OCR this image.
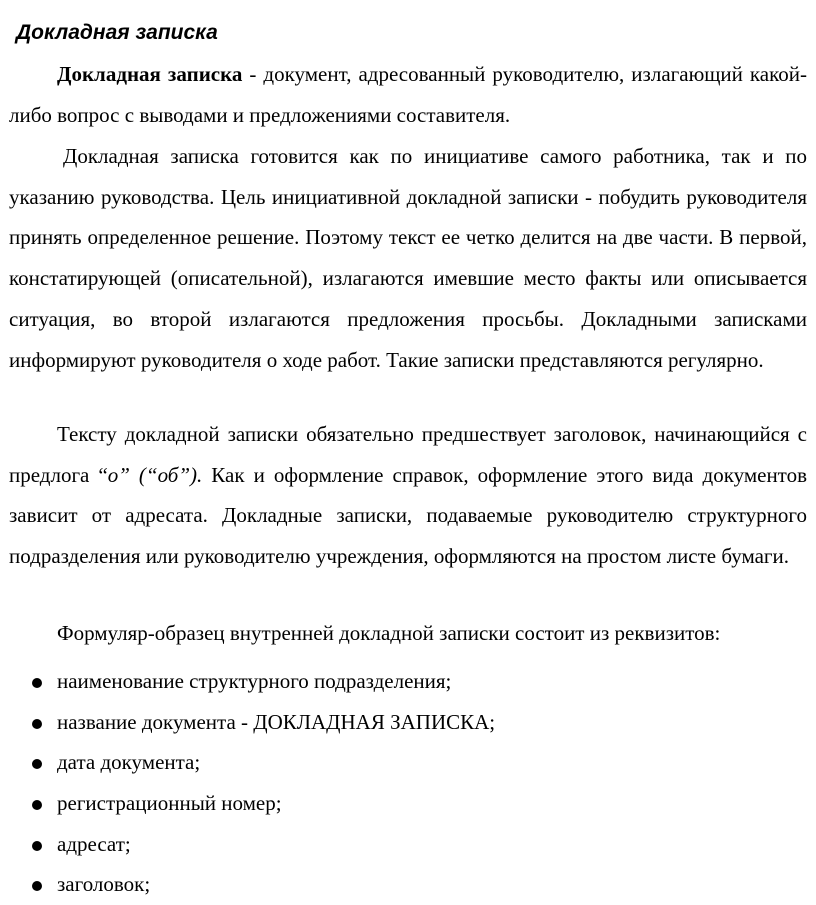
Докладная записка

Докладная записка - документ, адресованный руководителю, излагающий какой-либо вопрос с выводами и предложениями составителя.

Докладная записка готовится как по инициативе самого работника, так и по указанию руководства. Цель инициативной докладной записки - побудить руководителя принять определенное решение. Поэтому текст ее четко делится на две части. В первой, констатирующей (описательной), излагаются имевшие место факты или описывается ситуация, во второй излагаются предложения просьбы. Докладными записками информируют руководителя о ходе работ. Такие записки представляются регулярно.

Тексту докладной записки обязательно предшествует заголовок, начинающийся с предлога “о” (“об”). Как и оформление справок, оформление этого вида документов зависит от адресата. Докладные записки, подаваемые руководителю структурного подразделения или руководителю учреждения, оформляются на простом листе бумаги.

Формуляр-образец внутренней докладной записки состоит из реквизитов:

наименование структурного подразделения;
название документа - ДОКЛАДНАЯ ЗАПИСКА;
дата документа;
регистрационный номер;
адресат;
заголовок;
